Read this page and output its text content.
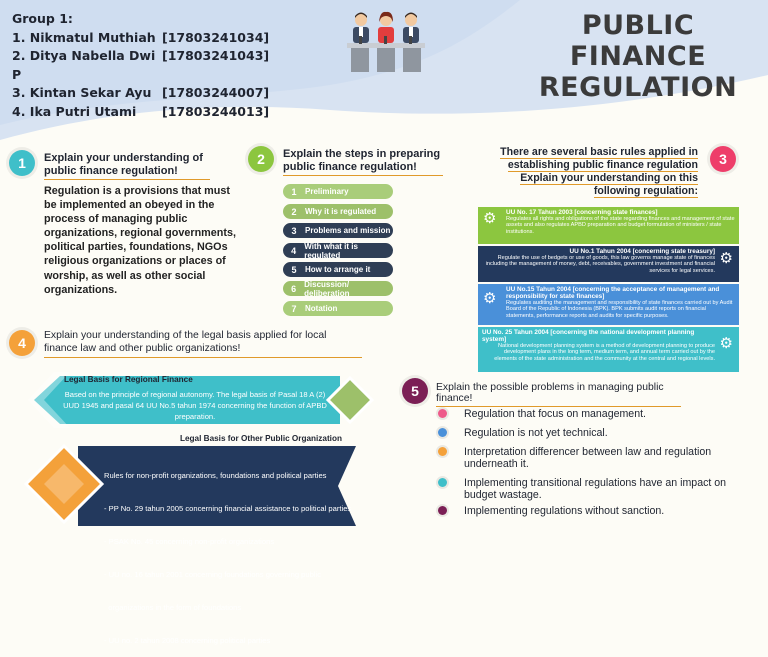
Group 1:
1. Nikmatul Muthiah [17803241034]
2. Ditya Nabella Dwi P
[17803241043]
3. Kintan Sekar Ayu [17803244007]
4. Ika Putri Utami	[17803244013]
PUBLIC
FINANCE
REGULATION
1	Explain your understanding of public finance regulation!
Regulation is a provisions that must be implemented an obeyed in the process of managing public organizations, regional governments, political parties, foundations, NGOs religious organizations or places of worship, as well as other social organizations.
2	Explain the steps in preparing public finance regulation!
1	Preliminary
2	Why it is regulated
3	Problems and mission
4	With what it is regulated
5	How to arrange it
6	Discussion/ deliberation
7	Notation
There are several basic rules applied in establishing public finance regulation Explain your understanding on this following regulation:
3
UU No. 17 Tahun 2003 [concerning state finances]
Regulates all rights and obligations of the state regarding finances and management of state assets and also regulates APBD preparation and budget formulation of ministers / state institutions.
⚙
UU No.1 Tahun 2004 [concerning state treasury]
Regulate the use of bedgets or use of goods, this law governs manage state of finances including the management of money, debt, receivables, government investment and financial services for legal services.
⚙
UU No.15 Tahun 2004 [concerning the acceptance of management and responsibility for state finances]
Regulates auditing the management and responsibility of state finances carried out by Audit Board of the Republic of Indonesia (BPK). BPK submits audit reports on financial statements, performance reports and audits for specific purposes.
⚙
UU No. 25 Tahun 2004 [concerning the national development planning system]
National development planning system is a method of development planning to produce development plans in the long term, medium term, and annual term carried out by the elements of the state administration and the community at the central and regional levels.
⚙
4	Explain your understanding of the legal basis applied for local finance law and other public organizations!
Legal Basis for Regional Finance
Based on the principle of regional autonomy. The legal basis of Pasal 18 A (2) UUD 1945 and pasal 64 UU No.5 tahun 1974 concerning the function of APBD preparation.
Legal Basis for Other Public Organization

Rules for non-profit organizations, foundations and political parties

- PP No. 29 tahun 2005 concerning financial assistance to political parties

- PSAK No. 45 concerning non-profit organizations

- UU no. 16 tahun 2001 concerning foundations governing public

organizations in the form of foundations

- UU no. 2 tahun 2008 concerning political parties

5	Explain the possible problems in managing public finance!
Regulation that focus on management.
Regulation is not yet technical.
Interpretation differencer between law and regulation underneath it.
Implementing transitional regulations have an impact on budget wastage.
Implementing regulations without sanction.
